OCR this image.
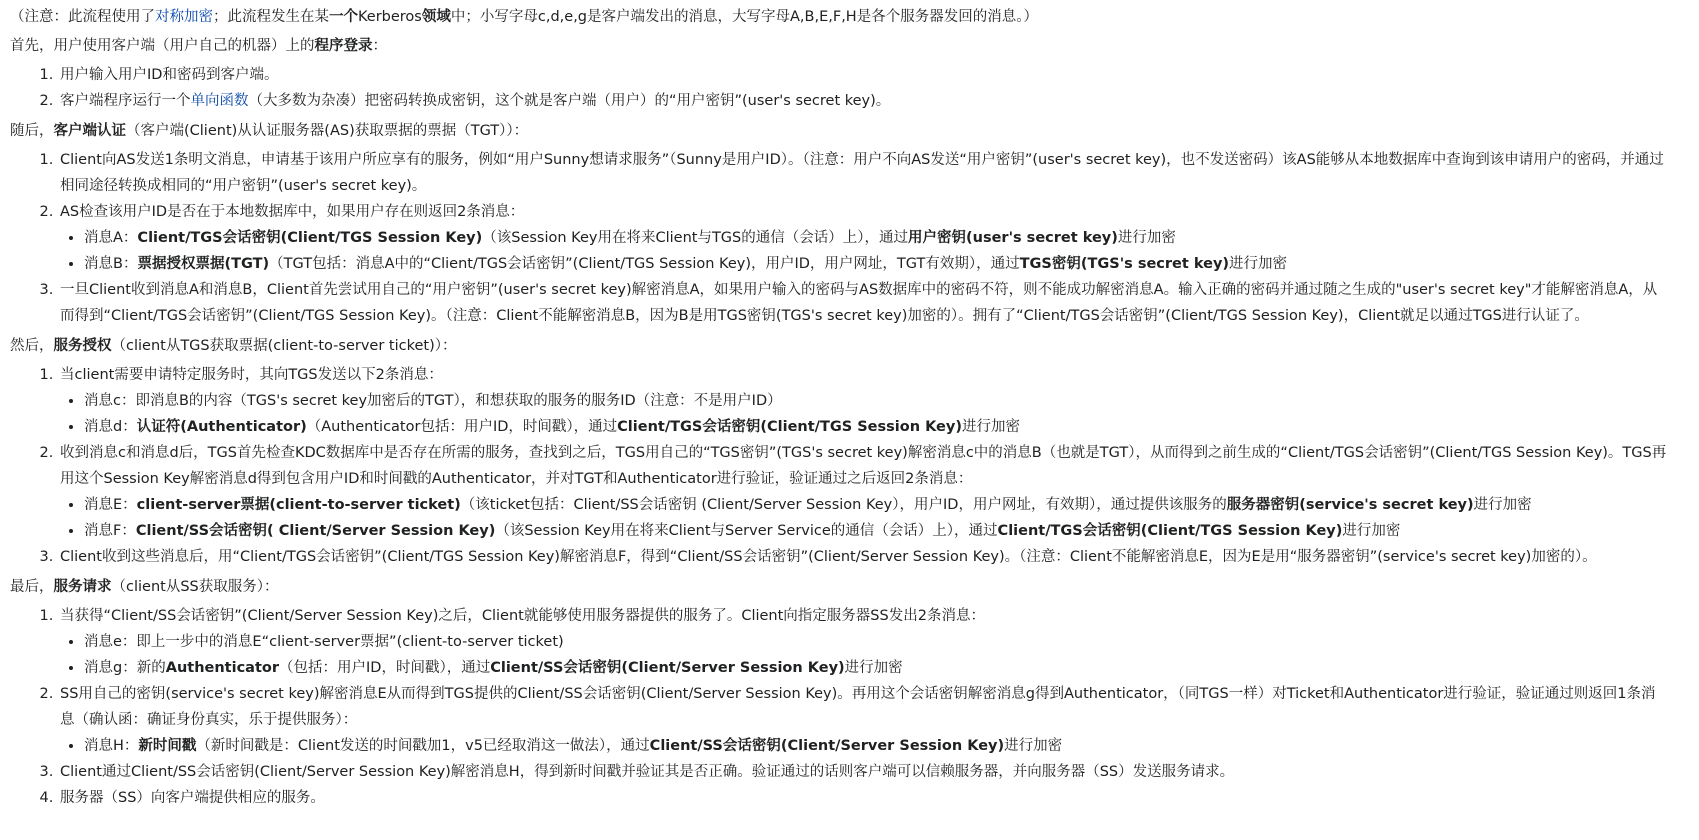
（注意：此流程使用了对称加密；此流程发生在某一个Kerberos领域中；小写字母c,d,e,g是客户端发出的消息，大写字母A,B,E,F,H是各个服务器发回的消息。）

首先，用户使用客户端（用户自己的机器）上的程序登录：

1. 用户输入用户ID和密码到客户端。
2. 客户端程序运行一个单向函数（大多数为杂凑）把密码转换成密钥，这个就是客户端（用户）的“用户密钥”(user's secret key)。

随后，客户端认证（客户端(Client)从认证服务器(AS)获取票据的票据（TGT））：

1. Client向AS发送1条明文消息，申请基于该用户所应享有的服务，例如“用户Sunny想请求服务”（Sunny是用户ID）。（注意：用户不向AS发送“用户密钥”(user's secret key)，也不发送密码）该AS能够从本地数据库中查询到该申请用户的密码，并通过相同途径转换成相同的“用户密钥”(user's secret key)。
2. AS检查该用户ID是否在于本地数据库中，如果用户存在则返回2条消息：
• 消息A：Client/TGS会话密钥(Client/TGS Session Key)（该Session Key用在将来Client与TGS的通信（会话）上），通过用户密钥(user's secret key)进行加密
• 消息B：票据授权票据(TGT)（TGT包括：消息A中的“Client/TGS会话密钥”(Client/TGS Session Key)，用户ID，用户网址，TGT有效期），通过TGS密钥(TGS's secret key)进行加密
3. 一旦Client收到消息A和消息B，Client首先尝试用自己的“用户密钥”(user's secret key)解密消息A，如果用户输入的密码与AS数据库中的密码不符，则不能成功解密消息A。输入正确的密码并通过随之生成的"user's secret key"才能解密消息A，从而得到“Client/TGS会话密钥”(Client/TGS Session Key)。（注意：Client不能解密消息B，因为B是用TGS密钥(TGS's secret key)加密的）。拥有了“Client/TGS会话密钥”(Client/TGS Session Key)，Client就足以通过TGS进行认证了。

然后，服务授权（client从TGS获取票据(client-to-server ticket)）：

1. 当client需要申请特定服务时，其向TGS发送以下2条消息：
• 消息c：即消息B的内容（TGS's secret key加密后的TGT），和想获取的服务的服务ID（注意：不是用户ID）
• 消息d：认证符(Authenticator)（Authenticator包括：用户ID，时间戳），通过Client/TGS会话密钥(Client/TGS Session Key)进行加密
2. 收到消息c和消息d后，TGS首先检查KDC数据库中是否存在所需的服务，查找到之后，TGS用自己的“TGS密钥”(TGS's secret key)解密消息c中的消息B（也就是TGT），从而得到之前生成的“Client/TGS会话密钥”(Client/TGS Session Key)。TGS再用这个Session Key解密消息d得到包含用户ID和时间戳的Authenticator，并对TGT和Authenticator进行验证，验证通过之后返回2条消息：
• 消息E：client-server票据(client-to-server ticket)（该ticket包括：Client/SS会话密钥 (Client/Server Session Key），用户ID，用户网址，有效期），通过提供该服务的服务器密钥(service's secret key)进行加密
• 消息F：Client/SS会话密钥( Client/Server Session Key)（该Session Key用在将来Client与Server Service的通信（会话）上），通过Client/TGS会话密钥(Client/TGS Session Key)进行加密
3. Client收到这些消息后，用“Client/TGS会话密钥”(Client/TGS Session Key)解密消息F，得到“Client/SS会话密钥”(Client/Server Session Key)。（注意：Client不能解密消息E，因为E是用“服务器密钥”(service's secret key)加密的）。

最后，服务请求（client从SS获取服务）：

1. 当获得“Client/SS会话密钥”(Client/Server Session Key)之后，Client就能够使用服务器提供的服务了。Client向指定服务器SS发出2条消息：
• 消息e：即上一步中的消息E“client-server票据”(client-to-server ticket)
• 消息g：新的Authenticator（包括：用户ID，时间戳），通过Client/SS会话密钥(Client/Server Session Key)进行加密
2. SS用自己的密钥(service's secret key)解密消息E从而得到TGS提供的Client/SS会话密钥(Client/Server Session Key)。再用这个会话密钥解密消息g得到Authenticator，（同TGS一样）对Ticket和Authenticator进行验证，验证通过则返回1条消息（确认函：确证身份真实，乐于提供服务）：
• 消息H：新时间戳（新时间戳是：Client发送的时间戳加1，v5已经取消这一做法），通过Client/SS会话密钥(Client/Server Session Key)进行加密
3. Client通过Client/SS会话密钥(Client/Server Session Key)解密消息H，得到新时间戳并验证其是否正确。验证通过的话则客户端可以信赖服务器，并向服务器（SS）发送服务请求。
4. 服务器（SS）向客户端提供相应的服务。
